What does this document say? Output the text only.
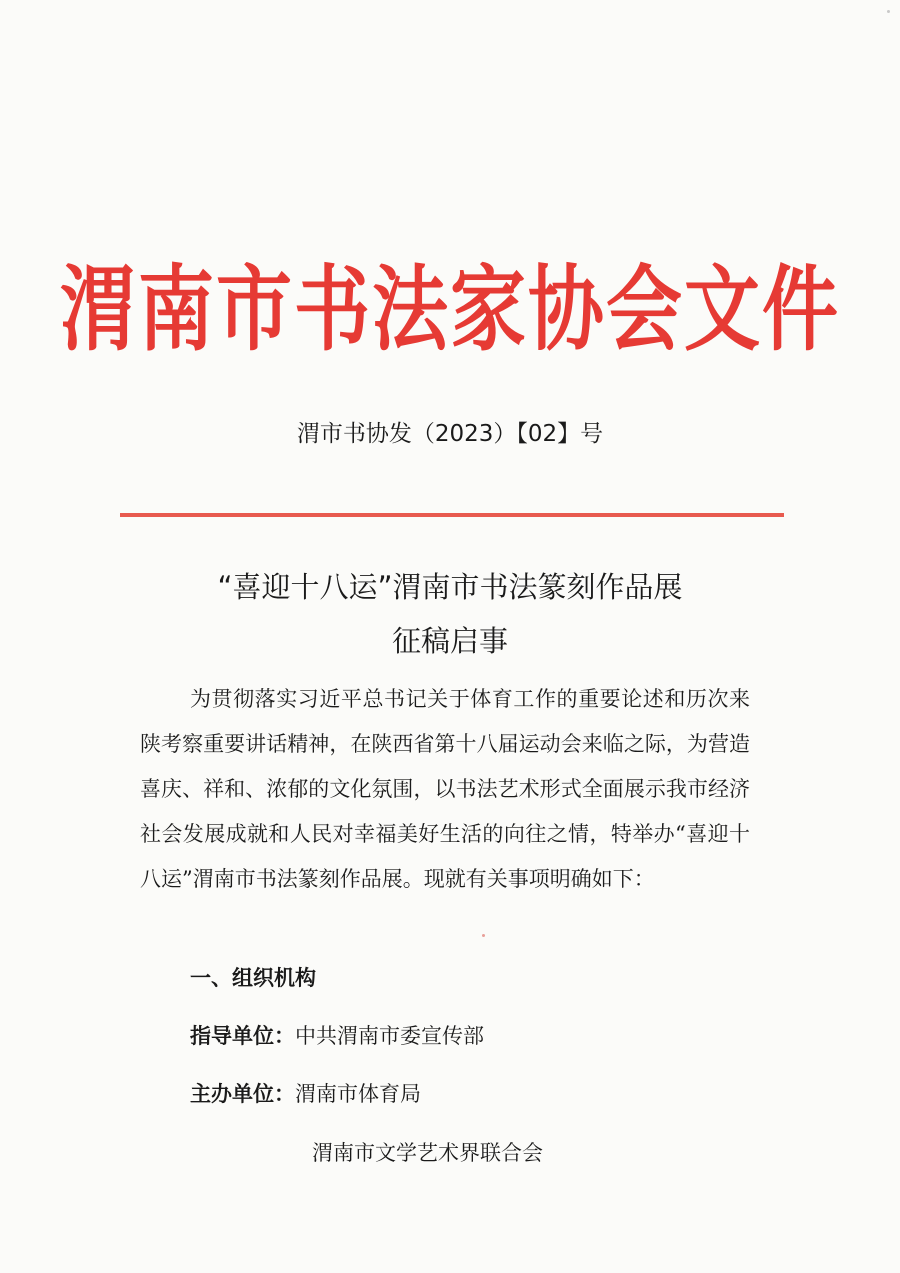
渭南市书法家协会文件
渭市书协发（2023）【02】号
“喜迎十八运”渭南市书法篆刻作品展
征稿启事

为贯彻落实习近平总书记关于体育工作的重要论述和历次来陕考察重要讲话精神，在陕西省第十八届运动会来临之际，为营造喜庆、祥和、浓郁的文化氛围，以书法艺术形式全面展示我市经济社会发展成就和人民对幸福美好生活的向往之情，特举办“喜迎十八运”渭南市书法篆刻作品展。现就有关事项明确如下：

一、组织机构
指导单位：中共渭南市委宣传部
主办单位：渭南市体育局
渭南市文学艺术界联合会
